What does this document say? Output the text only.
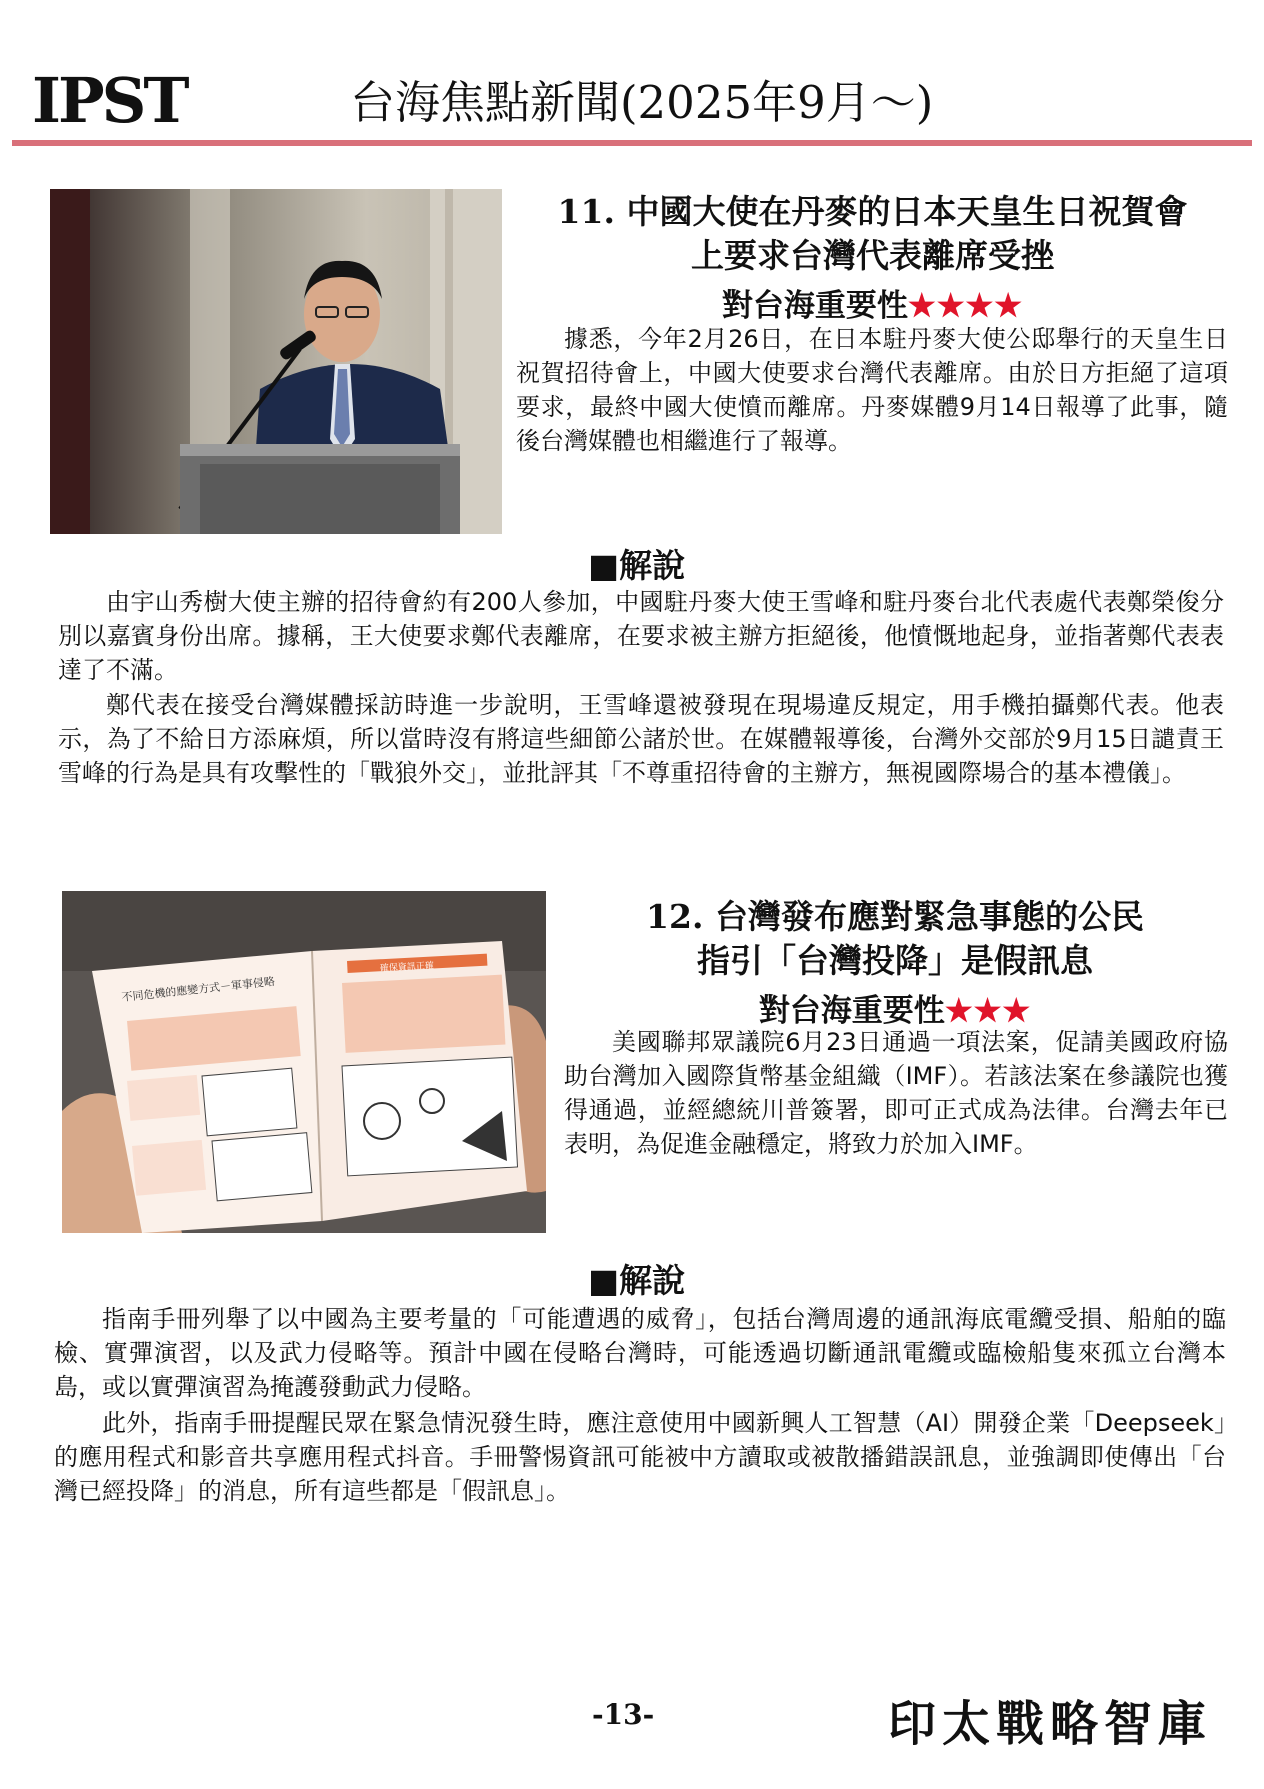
IPST	台海焦點新聞(2025年9月～)
11. 中國大使在丹麥的日本天皇生日祝賀會
上要求台灣代表離席受挫
對台海重要性★★★★

據悉，今年2月26日，在日本駐丹麥大使公邸舉行的天皇生日祝賀招待會上，中國大使要求台灣代表離席。由於日方拒絕了這項要求，最終中國大使憤而離席。丹麥媒體9月14日報導了此事，隨後台灣媒體也相繼進行了報導。

■解說

由宇山秀樹大使主辦的招待會約有200人參加，中國駐丹麥大使王雪峰和駐丹麥台北代表處代表鄭榮俊分別以嘉賓身份出席。據稱，王大使要求鄭代表離席，在要求被主辦方拒絕後，他憤慨地起身，並指著鄭代表表達了不滿。

鄭代表在接受台灣媒體採訪時進一步說明，王雪峰還被發現在現場違反規定，用手機拍攝鄭代表。他表示，為了不給日方添麻煩，所以當時沒有將這些細節公諸於世。在媒體報導後，台灣外交部於9月15日譴責王雪峰的行為是具有攻擊性的「戰狼外交」，並批評其「不尊重招待會的主辦方，無視國際場合的基本禮儀」。

不同危機的應變方式－軍事侵略
確保資訊正確
12. 台灣發布應對緊急事態的公民
指引「台灣投降」是假訊息
對台海重要性★★★

美國聯邦眾議院6月23日通過一項法案，促請美國政府協助台灣加入國際貨幣基金組織（IMF）。若該法案在參議院也獲得通過，並經總統川普簽署，即可正式成為法律。台灣去年已表明，為促進金融穩定，將致力於加入IMF。

■解說

指南手冊列舉了以中國為主要考量的「可能遭遇的威脅」，包括台灣周邊的通訊海底電纜受損、船舶的臨檢、實彈演習，以及武力侵略等。預計中國在侵略台灣時，可能透過切斷通訊電纜或臨檢船隻來孤立台灣本島，或以實彈演習為掩護發動武力侵略。

此外，指南手冊提醒民眾在緊急情況發生時，應注意使用中國新興人工智慧（AI）開發企業「Deepseek」的應用程式和影音共享應用程式抖音。手冊警惕資訊可能被中方讀取或被散播錯誤訊息，並強調即使傳出「台灣已經投降」的消息，所有這些都是「假訊息」。

-13-	印太戰略智庫
